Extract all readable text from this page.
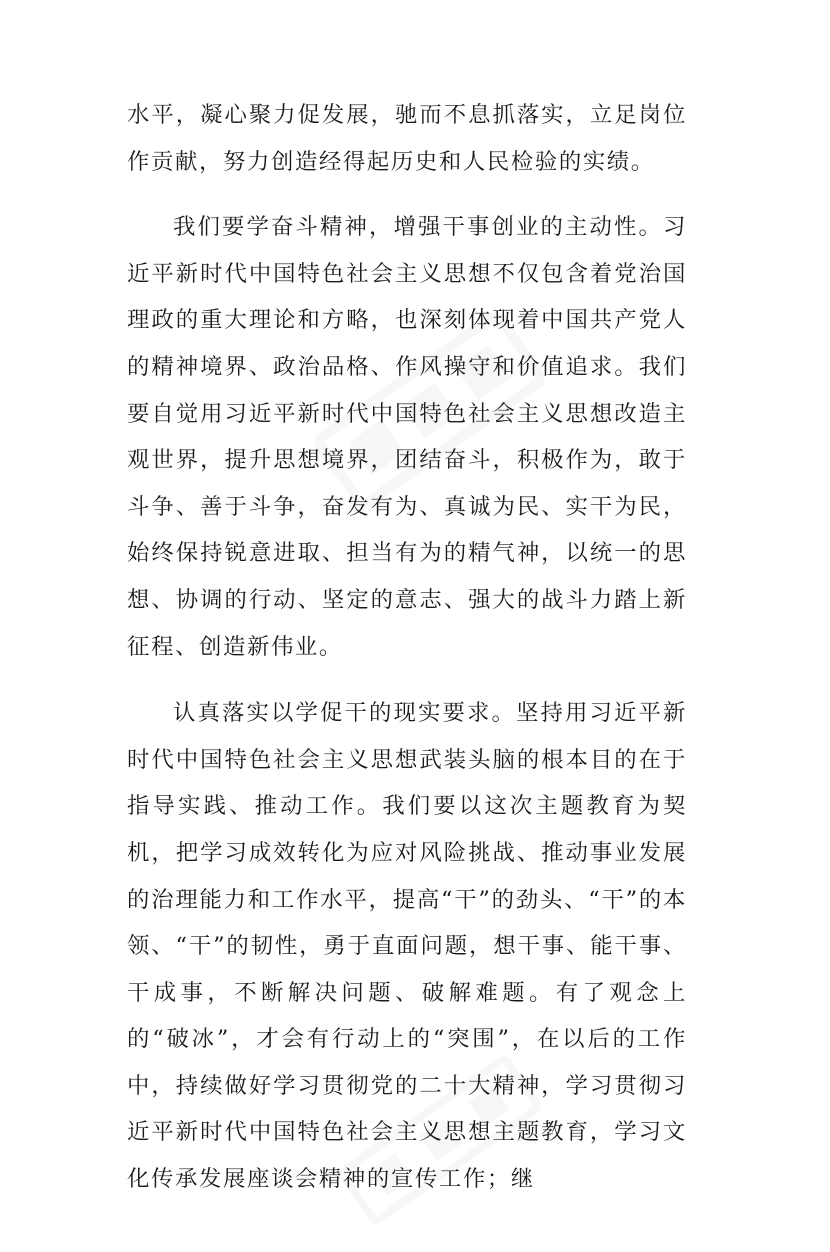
水平，凝心聚力促发展，驰而不息抓落实，立足岗位作贡献，努力创造经得起历史和人民检验的实绩。

我们要学奋斗精神，增强干事创业的主动性。习近平新时代中国特色社会主义思想不仅包含着党治国理政的重大理论和方略，也深刻体现着中国共产党人的精神境界、政治品格、作风操守和价值追求。我们要自觉用习近平新时代中国特色社会主义思想改造主观世界，提升思想境界，团结奋斗，积极作为，敢于斗争、善于斗争，奋发有为、真诚为民、实干为民，始终保持锐意进取、担当有为的精气神，以统一的思想、协调的行动、坚定的意志、强大的战斗力踏上新征程、创造新伟业。

认真落实以学促干的现实要求。坚持用习近平新时代中国特色社会主义思想武装头脑的根本目的在于指导实践、推动工作。我们要以这次主题教育为契机，把学习成效转化为应对风险挑战、推动事业发展的治理能力和工作水平，提高“干”的劲头、“干”的本领、“干”的韧性，勇于直面问题，想干事、能干事、干成事，不断解决问题、破解难题。有了观念上的“破冰”，才会有行动上的“突围”，在以后的工作中，持续做好学习贯彻党的二十大精神，学习贯彻习近平新时代中国特色社会主义思想主题教育，学习文化传承发展座谈会精神的宣传工作；继
